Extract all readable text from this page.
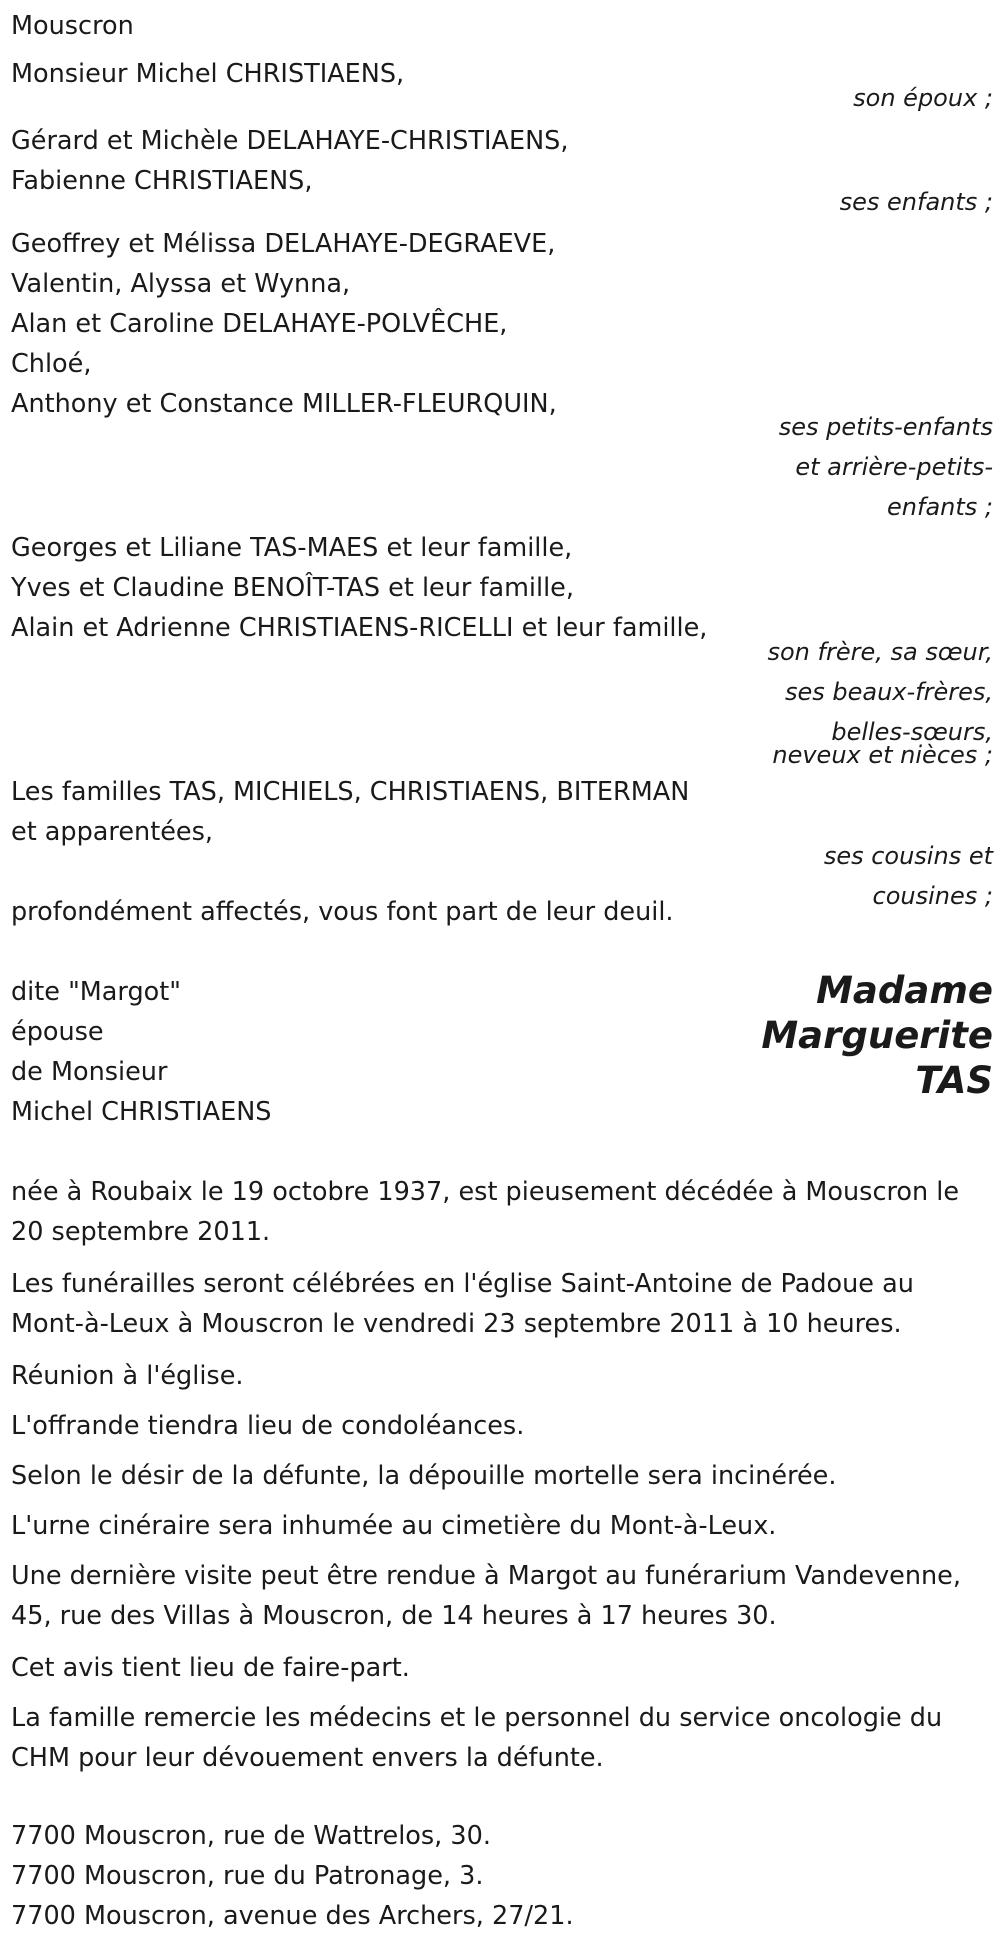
Mouscron
Monsieur Michel CHRISTIAENS,
son époux ;
Gérard et Michèle DELAHAYE-CHRISTIAENS,
Fabienne CHRISTIAENS,
ses enfants ;
Geoffrey et Mélissa DELAHAYE-DEGRAEVE,
Valentin, Alyssa et Wynna,
Alan et Caroline DELAHAYE-POLVÊCHE,
Chloé,
Anthony et Constance MILLER-FLEURQUIN,
ses petits-enfants
et arrière-petits-
enfants ;
Georges et Liliane TAS-MAES et leur famille,
Yves et Claudine BENOÎT-TAS et leur famille,
Alain et Adrienne CHRISTIAENS-RICELLI et leur famille,
son frère, sa sœur,
ses beaux-frères,
belles-sœurs,
neveux et nièces ;
Les familles TAS, MICHIELS, CHRISTIAENS, BITERMAN
et apparentées,
ses cousins et
cousines ;
profondément affectés, vous font part de leur deuil.
dite "Margot"
épouse
de Monsieur
Michel CHRISTIAENS
Madame
Marguerite
TAS
née à Roubaix le 19 octobre 1937, est pieusement décédée à Mouscron le 20 septembre 2011.
Les funérailles seront célébrées en l'église Saint-Antoine de Padoue au Mont-à-Leux à Mouscron le vendredi 23 septembre 2011 à 10 heures.
Réunion à l'église.
L'offrande tiendra lieu de condoléances.
Selon le désir de la défunte, la dépouille mortelle sera incinérée.
L'urne cinéraire sera inhumée au cimetière du Mont-à-Leux.
Une dernière visite peut être rendue à Margot au funérarium Vandevenne, 45, rue des Villas à Mouscron, de 14 heures à 17 heures 30.
Cet avis tient lieu de faire-part.
La famille remercie les médecins et le personnel du service oncologie du CHM pour leur dévouement envers la défunte.
7700 Mouscron, rue de Wattrelos, 30.
7700 Mouscron, rue du Patronage, 3.
7700 Mouscron, avenue des Archers, 27/21.
